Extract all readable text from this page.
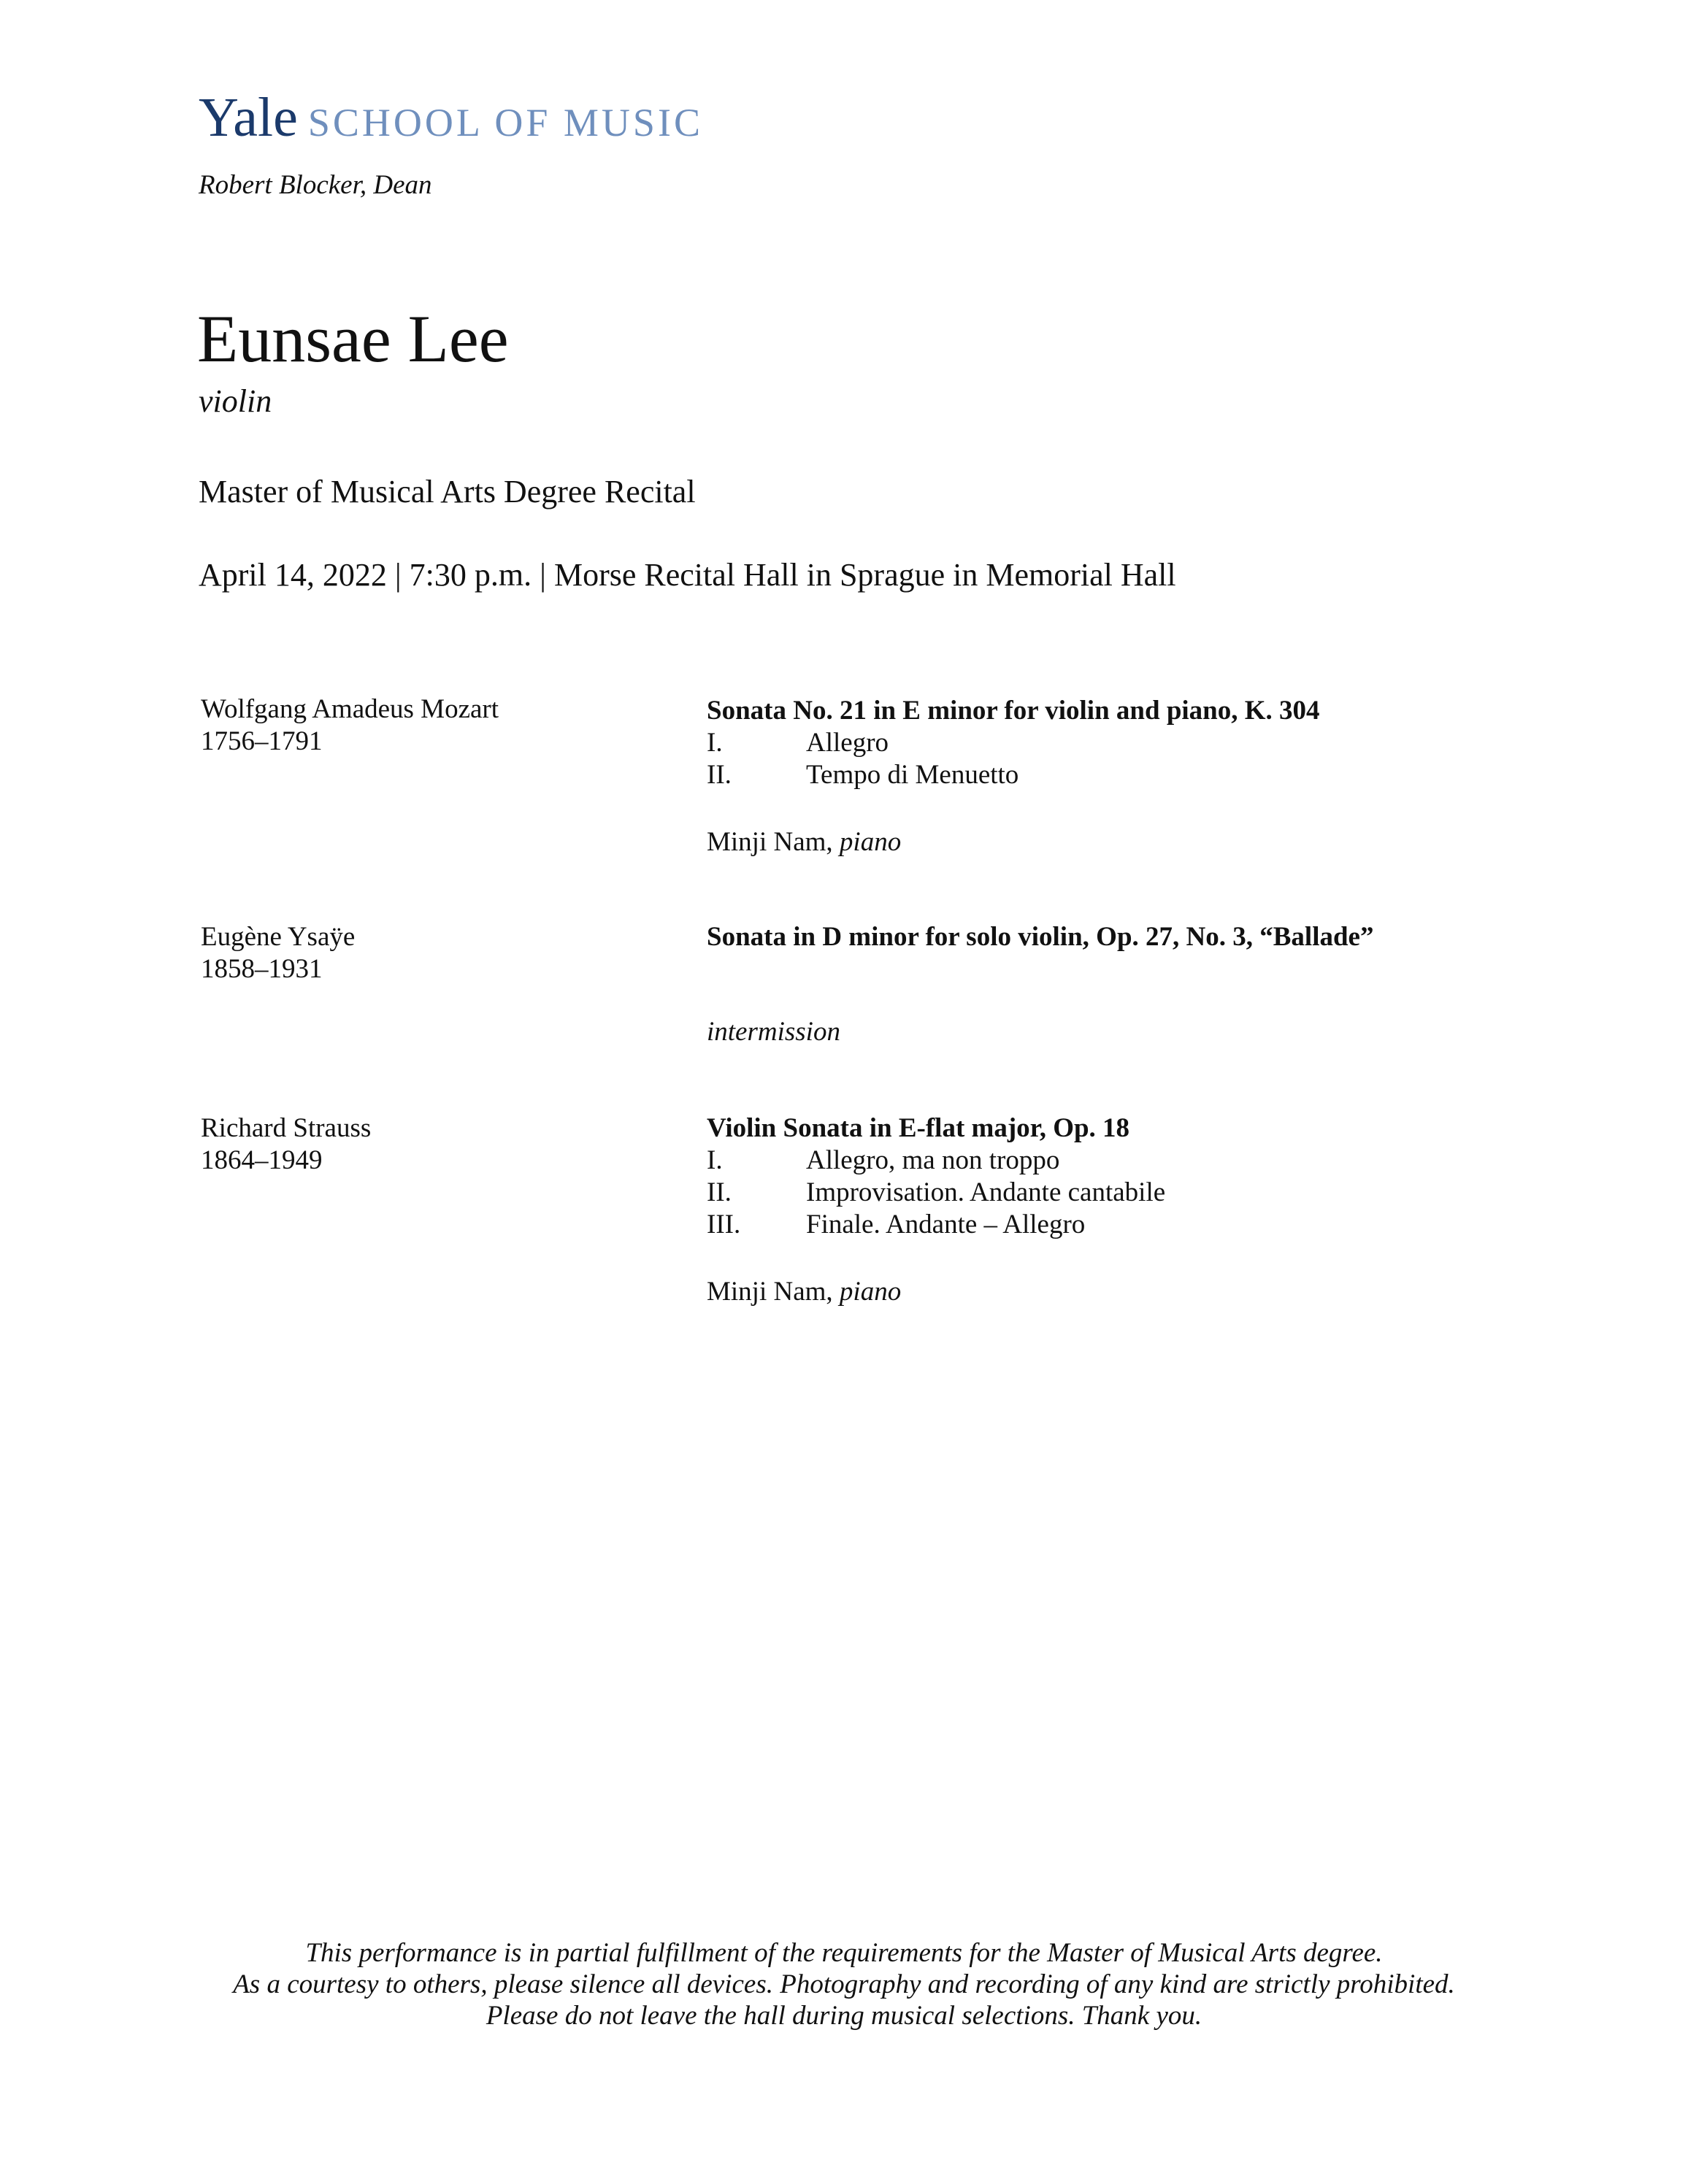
Yale SCHOOL OF MUSIC
Robert Blocker, Dean
Eunsae Lee
violin
Master of Musical Arts Degree Recital
April 14, 2022 | 7:30 p.m. | Morse Recital Hall in Sprague in Memorial Hall
Wolfgang Amadeus Mozart
1756–1791
Sonata No. 21 in E minor for violin and piano, K. 304
I.	Allegro
II.	Tempo di Menuetto
Minji Nam, piano
Eugène Ysaÿe
1858–1931
Sonata in D minor for solo violin, Op. 27, No. 3, “Ballade”
intermission
Richard Strauss
1864–1949
Violin Sonata in E-flat major, Op. 18
I.	Allegro, ma non troppo
II.	Improvisation. Andante cantabile
III. Finale. Andante – Allegro
Minji Nam, piano
This performance is in partial fulfillment of the requirements for the Master of Musical Arts degree.
As a courtesy to others, please silence all devices. Photography and recording of any kind are strictly prohibited.
Please do not leave the hall during musical selections. Thank you.
